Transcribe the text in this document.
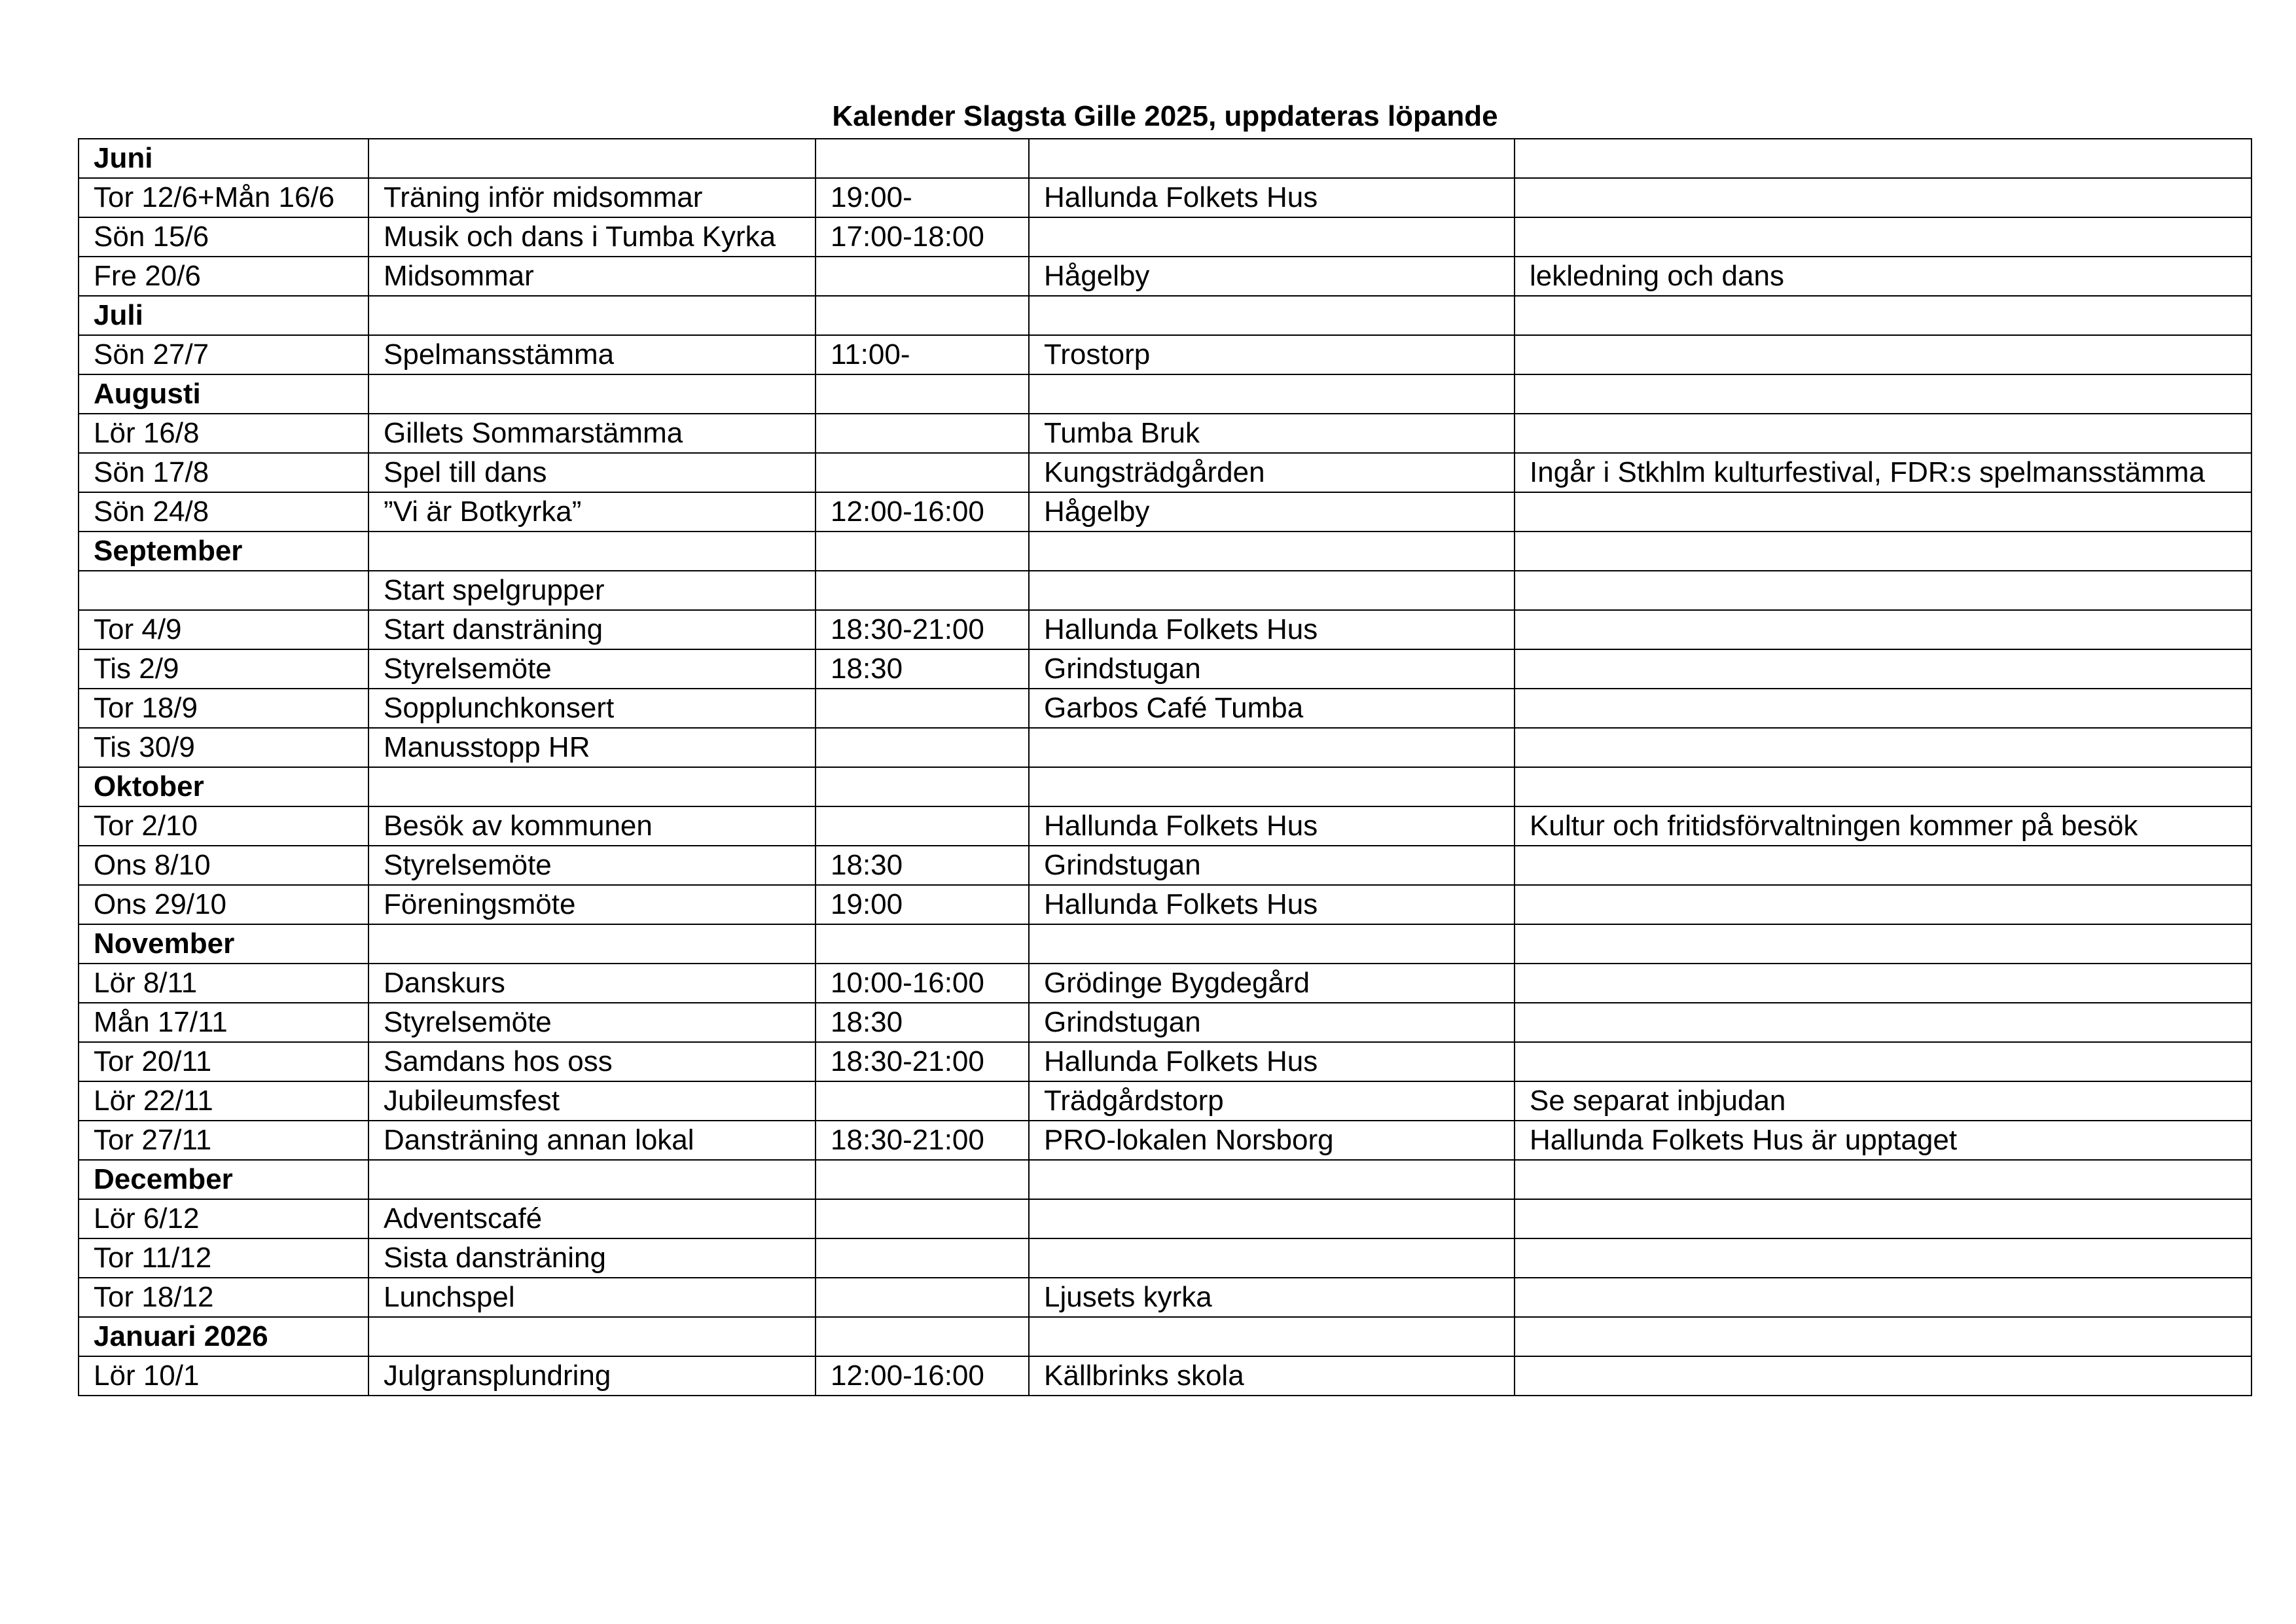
Kalender Slagsta Gille 2025, uppdateras löpande
Juni				
Tor 12/6+Mån 16/6	Träning inför midsommar	19:00-	Hallunda Folkets Hus	
Sön 15/6	Musik och dans i Tumba Kyrka	17:00-18:00		
Fre 20/6	Midsommar		Hågelby	lekledning och dans
Juli				
Sön 27/7	Spelmansstämma	11:00-	Trostorp	
Augusti				
Lör 16/8	Gillets Sommarstämma		Tumba Bruk	
Sön 17/8	Spel till dans		Kungsträdgården	Ingår i Stkhlm kulturfestival, FDR:s spelmansstämma
Sön 24/8	”Vi är Botkyrka”	12:00-16:00	Hågelby	
September				
	Start spelgrupper			
Tor 4/9	Start dansträning	18:30-21:00	Hallunda Folkets Hus	
Tis 2/9	Styrelsemöte	18:30	Grindstugan	
Tor 18/9	Sopplunchkonsert		Garbos Café Tumba	
Tis 30/9	Manusstopp HR			
Oktober				
Tor 2/10	Besök av kommunen		Hallunda Folkets Hus	Kultur och fritidsförvaltningen kommer på besök
Ons 8/10	Styrelsemöte	18:30	Grindstugan	
Ons 29/10	Föreningsmöte	19:00	Hallunda Folkets Hus	
November				
Lör 8/11	Danskurs	10:00-16:00	Grödinge Bygdegård	
Mån 17/11	Styrelsemöte	18:30	Grindstugan	
Tor 20/11	Samdans hos oss	18:30-21:00	Hallunda Folkets Hus	
Lör 22/11	Jubileumsfest		Trädgårdstorp	Se separat inbjudan
Tor 27/11	Dansträning annan lokal	18:30-21:00	PRO-lokalen Norsborg	Hallunda Folkets Hus är upptaget
December				
Lör 6/12	Adventscafé			
Tor 11/12	Sista dansträning			
Tor 18/12	Lunchspel		Ljusets kyrka	
Januari 2026				
Lör 10/1	Julgransplundring	12:00-16:00	Källbrinks skola	
